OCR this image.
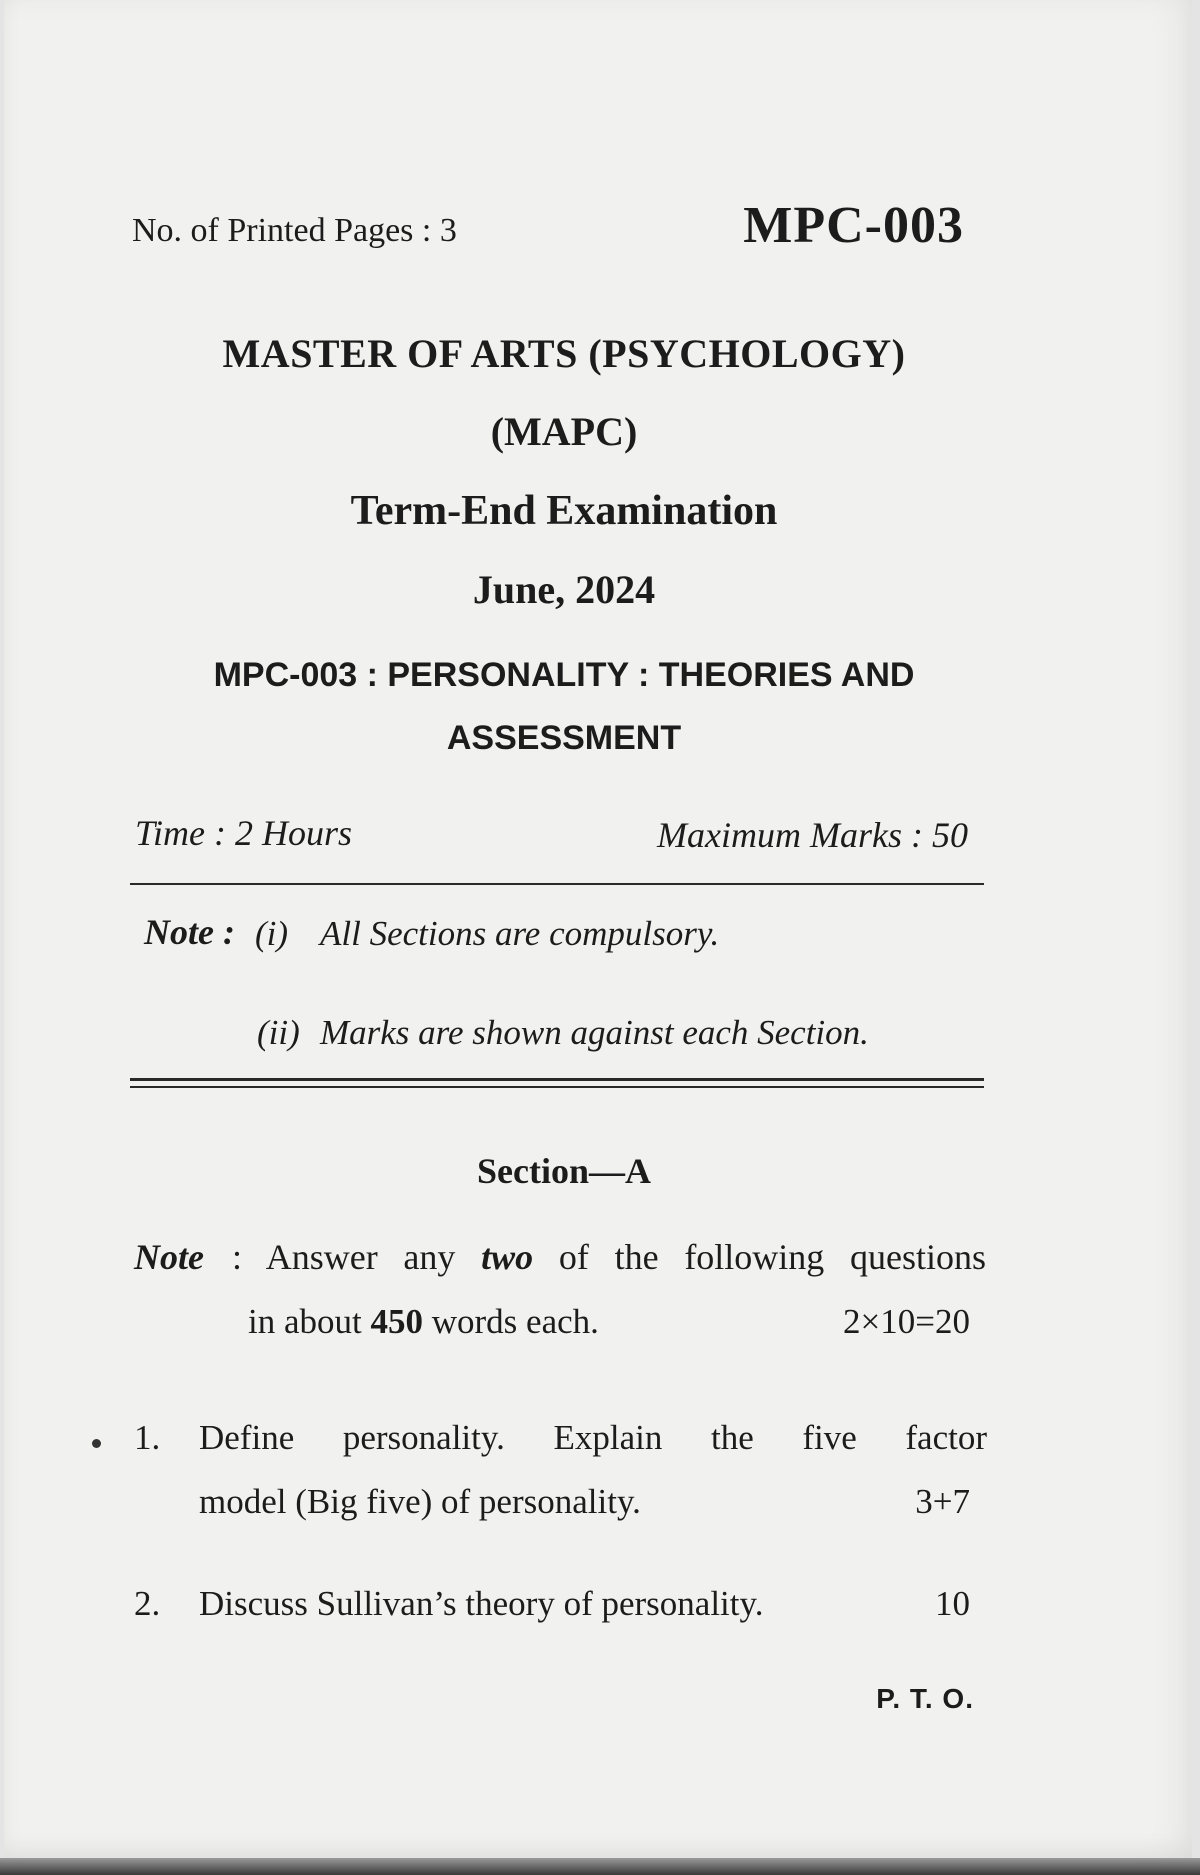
No. of Printed Pages : 3	MPC-003
MASTER OF ARTS (PSYCHOLOGY)
(MAPC)
Term-End Examination
June, 2024
MPC-003 : PERSONALITY : THEORIES AND
ASSESSMENT
Time : 2 Hours	Maximum Marks : 50
Note : (i) All Sections are compulsory.
(ii) Marks are shown against each Section.
Section—A
Note : Answer any two of the following questions
in about 450 words each.	2×10=20
1. Define personality. Explain the five factor
model (Big five) of personality.	3+7
2. Discuss Sullivan’s theory of personality.	10
P. T. O.
